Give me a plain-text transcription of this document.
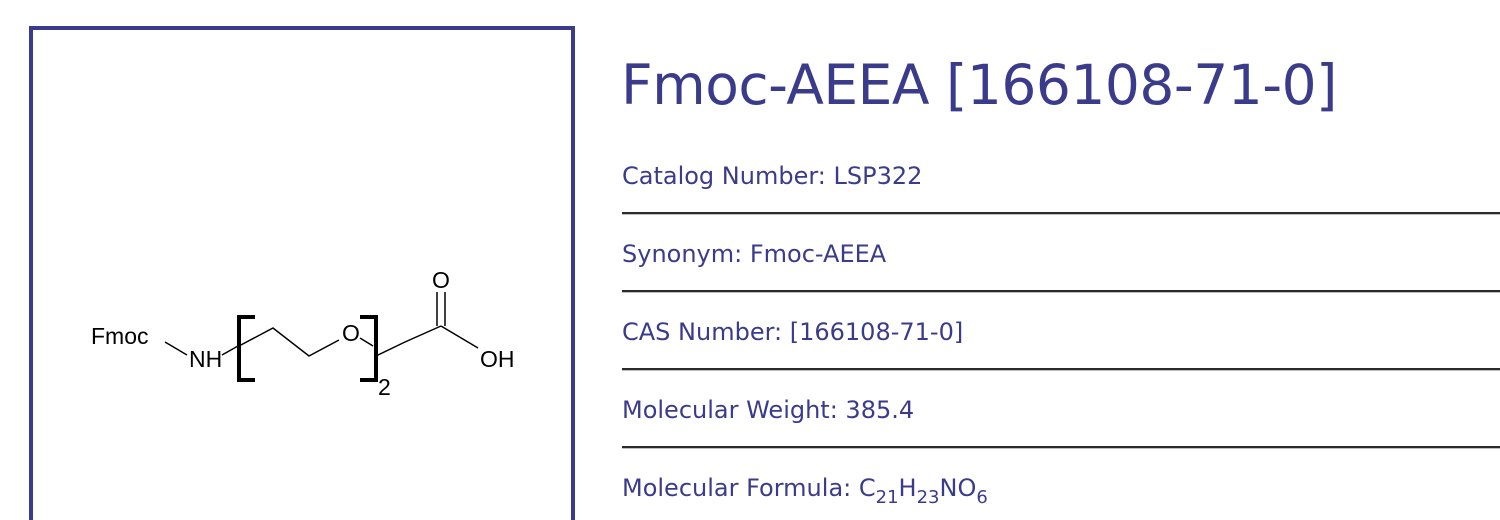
Fmoc
NH
O
2
O
OH
Fmoc-AEEA [166108-71-0]
Catalog Number: LSP322
Synonym: Fmoc-AEEA
CAS Number: [166108-71-0]
Molecular Weight: 385.4
Molecular Formula: $C_{21}H_{23}NO_6$
